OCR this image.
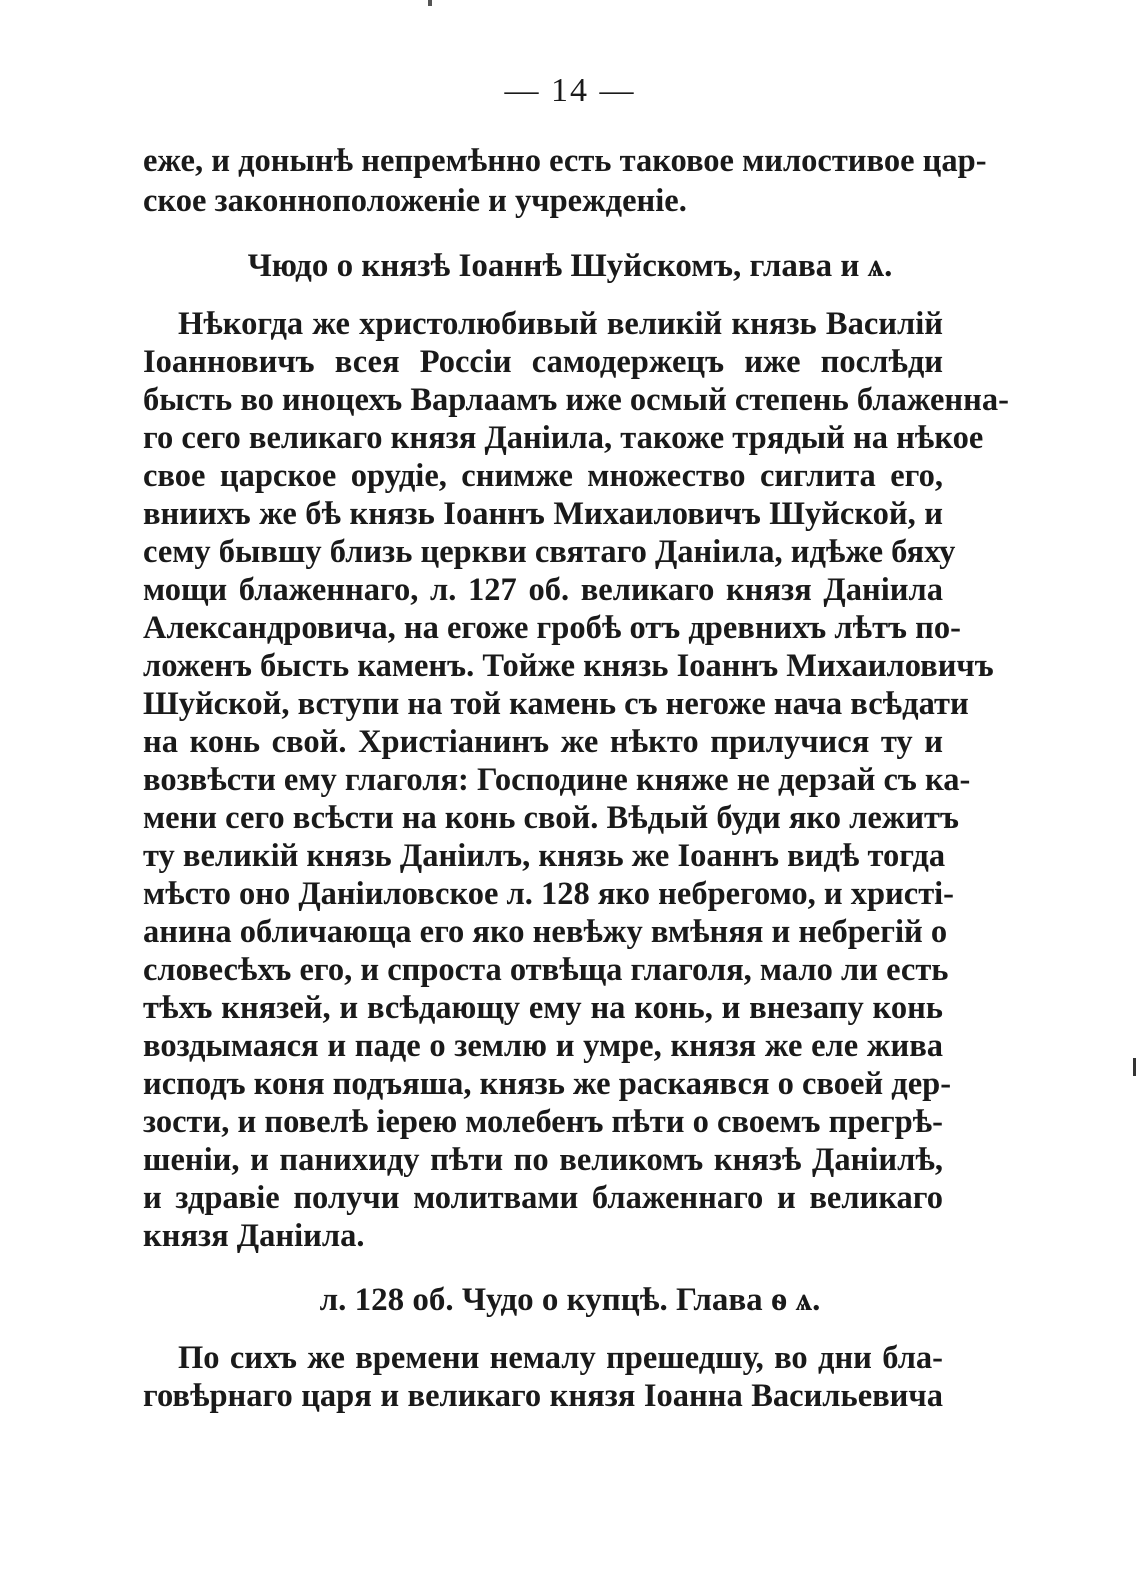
— 14 —
еже, и донынѣ непремѣнно есть таковое милостивое цар-
ское законноположеніе и учрежденіе.
Чюдо о князѣ Іоаннѣ Шуйскомъ, глава и ѧ.
Нѣкогда же христолюбивый великій князь Василій
Іоанновичъ всея Россіи самодержецъ иже послѣди
бысть во иноцехъ Варлаамъ иже осмый степень блаженна-
го сего великаго князя Даніила, такоже трядый на нѣкое
свое царское орудіе, снимже множество сиглита его,
вниихъ же бѣ князь Іоаннъ Михаиловичъ Шуйской, и
сему бывшу близь церкви святаго Даніила, идѣже бяху
мощи блаженнаго, л. 127 об. великаго князя Даніила
Александровича, на егоже гробѣ отъ древнихъ лѣтъ по-
ложенъ бысть каменъ. Тойже князь Іоаннъ Михаиловичъ
Шуйской, вступи на той камень съ негоже нача всѣдати
на конь свой. Христіанинъ же нѣкто прилучися ту и
возвѣсти ему глаголя: Господине княже не дерзай съ ка-
мени сего всѣсти на конь свой. Вѣдый буди яко лежитъ
ту великій князь Даніилъ, князь же Іоаннъ видѣ тогда
мѣсто оно Даніиловское л. 128 яко небрегомо, и христі-
анина обличающа его яко невѣжу вмѣняя и небрегій о
словесѣхъ его, и спроста отвѣща глаголя, мало ли есть
тѣхъ князей, и всѣдающу ему на конь, и внезапу конь
воздымаяся и паде о землю и умре, князя же еле жива
исподъ коня подъяша, князь же раскаявся о своей дер-
зости, и повелѣ іерею молебенъ пѣти о своемъ прегрѣ-
шеніи, и панихиду пѣти по великомъ князѣ Даніилѣ,
и здравіе получи молитвами блаженнаго и великаго
князя Даніила.
л. 128 об. Чудо о купцѣ. Глава ѳ ѧ.
По сихъ же времени немалу прешедшу, во дни бла-
говѣрнаго царя и великаго князя Іоанна Васильевича
